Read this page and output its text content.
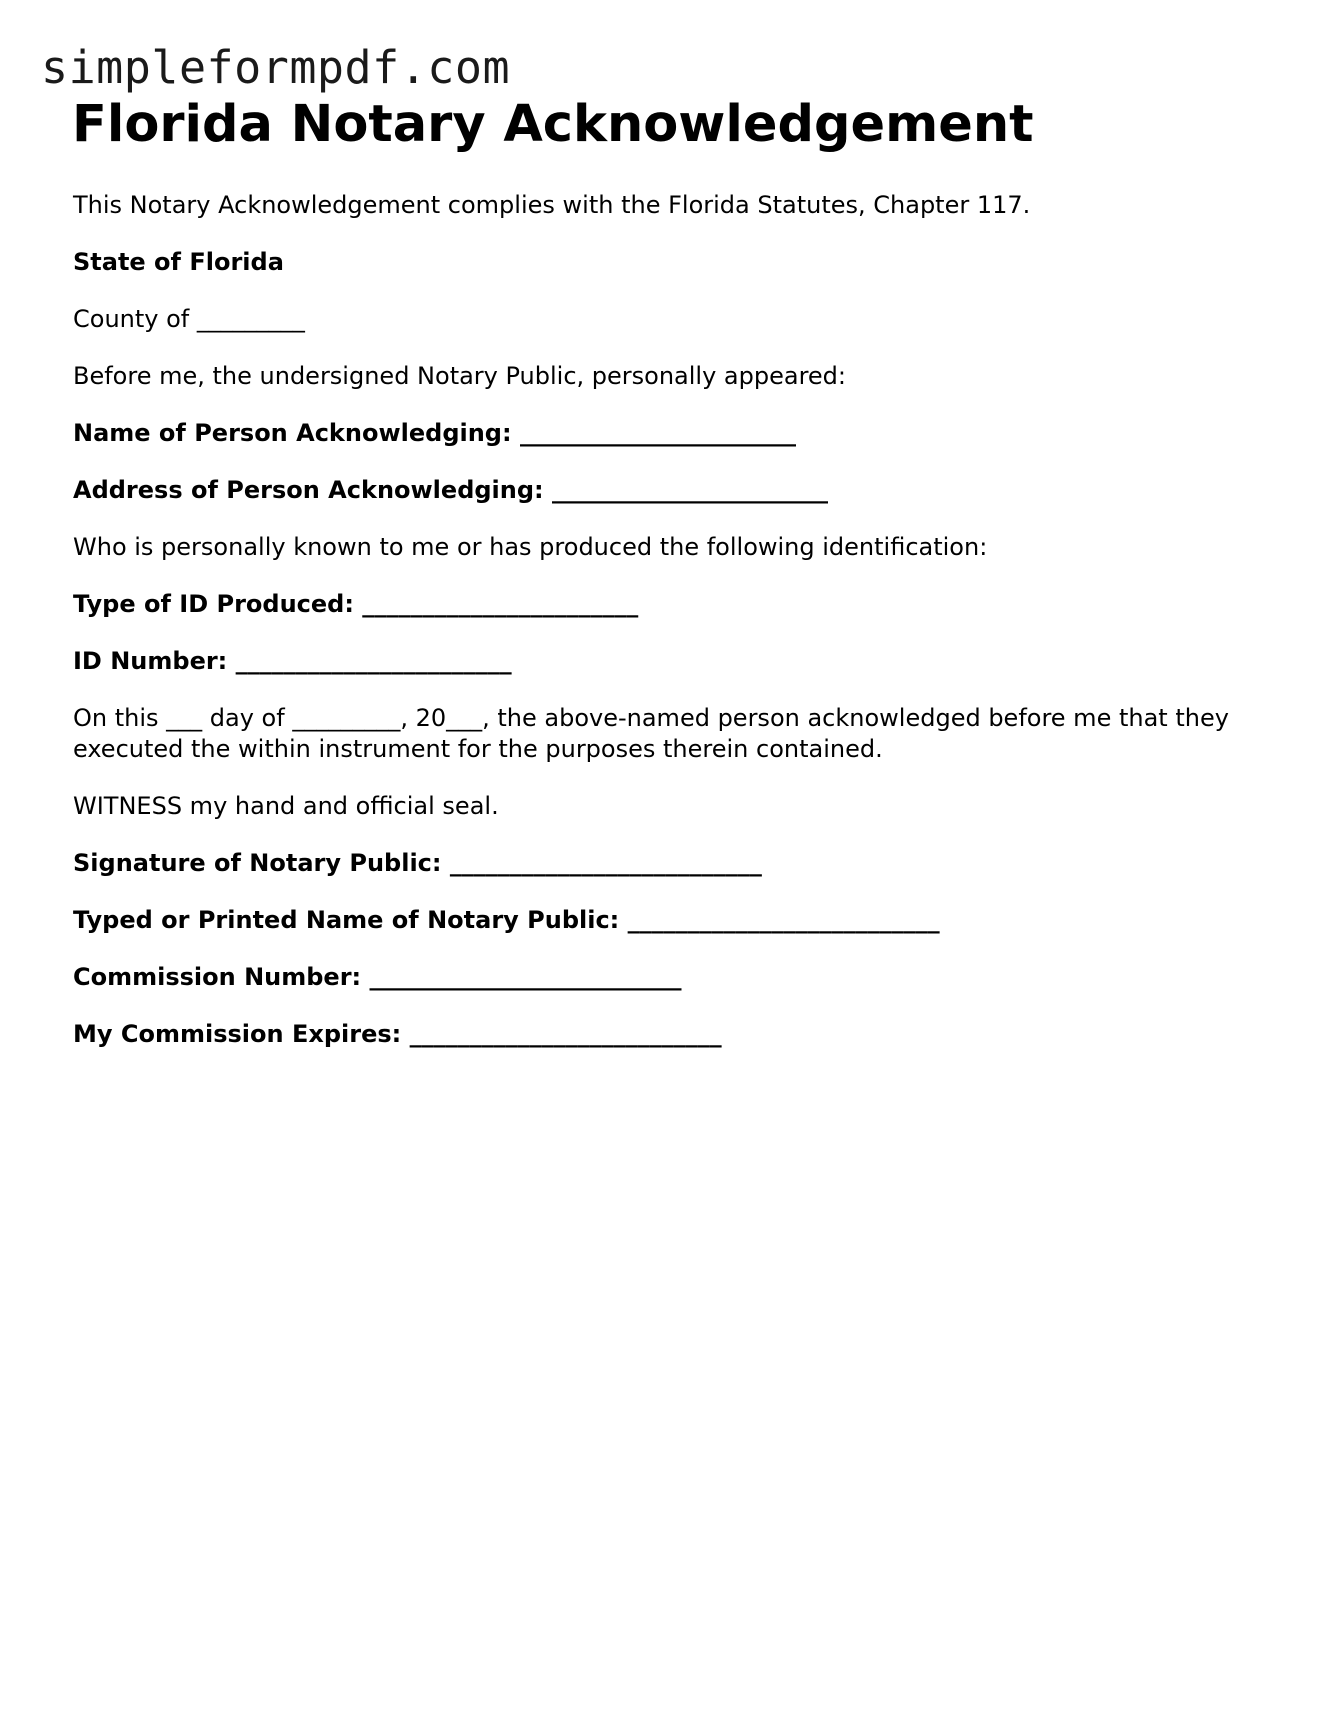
simpleformpdf.com
Florida Notary Acknowledgement

This Notary Acknowledgement complies with the Florida Statutes, Chapter 117.

State of Florida

County of _________

Before me, the undersigned Notary Public, personally appeared:

Name of Person Acknowledging: _______________________

Address of Person Acknowledging: _______________________

Who is personally known to me or has produced the following identification:

Type of ID Produced: _______________________

ID Number: _______________________

On this ___ day of _________, 20___, the above-named person acknowledged before me that they executed the within instrument for the purposes therein contained.

WITNESS my hand and official seal.

Signature of Notary Public: __________________________

Typed or Printed Name of Notary Public: __________________________

Commission Number: __________________________

My Commission Expires: __________________________
